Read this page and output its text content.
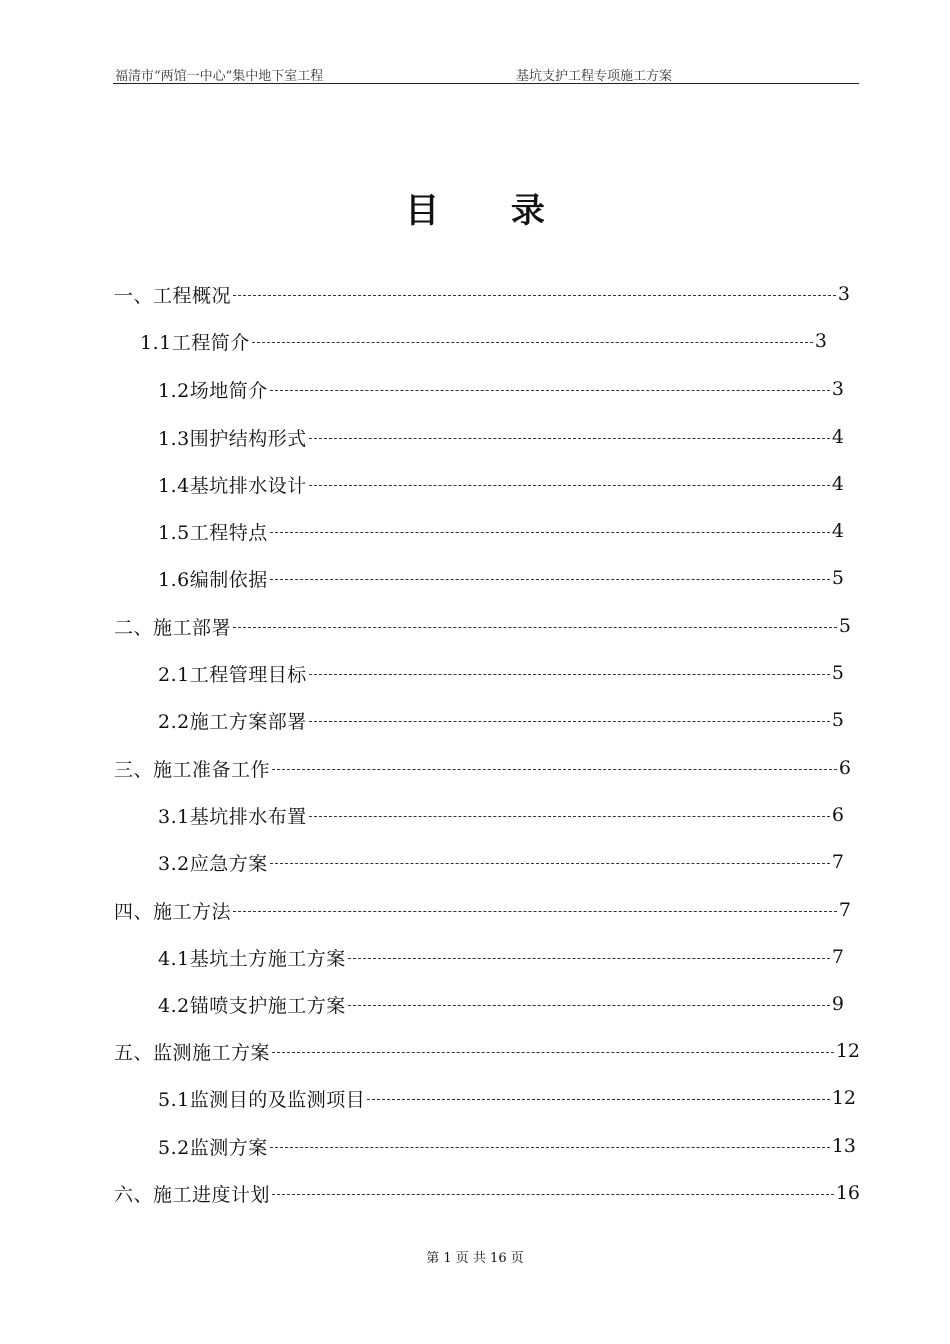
福清市“两馆一中心”集中地下室工程	基坑支护工程专项施工方案
目 录
一、工程概况	3
1.1工程简介	3
1.2场地简介	3
1.3围护结构形式	4
1.4基坑排水设计	4
1.5工程特点	4
1.6编制依据	5
二、施工部署	5
2.1工程管理目标	5
2.2施工方案部署	5
三、施工准备工作	6
3.1基坑排水布置	6
3.2应急方案	7
四、施工方法	7
4.1基坑土方施工方案	7
4.2锚喷支护施工方案	9
五、监测施工方案	12
5.1监测目的及监测项目	12
5.2监测方案	13
六、施工进度计划	16
第 1 页 共 16 页
